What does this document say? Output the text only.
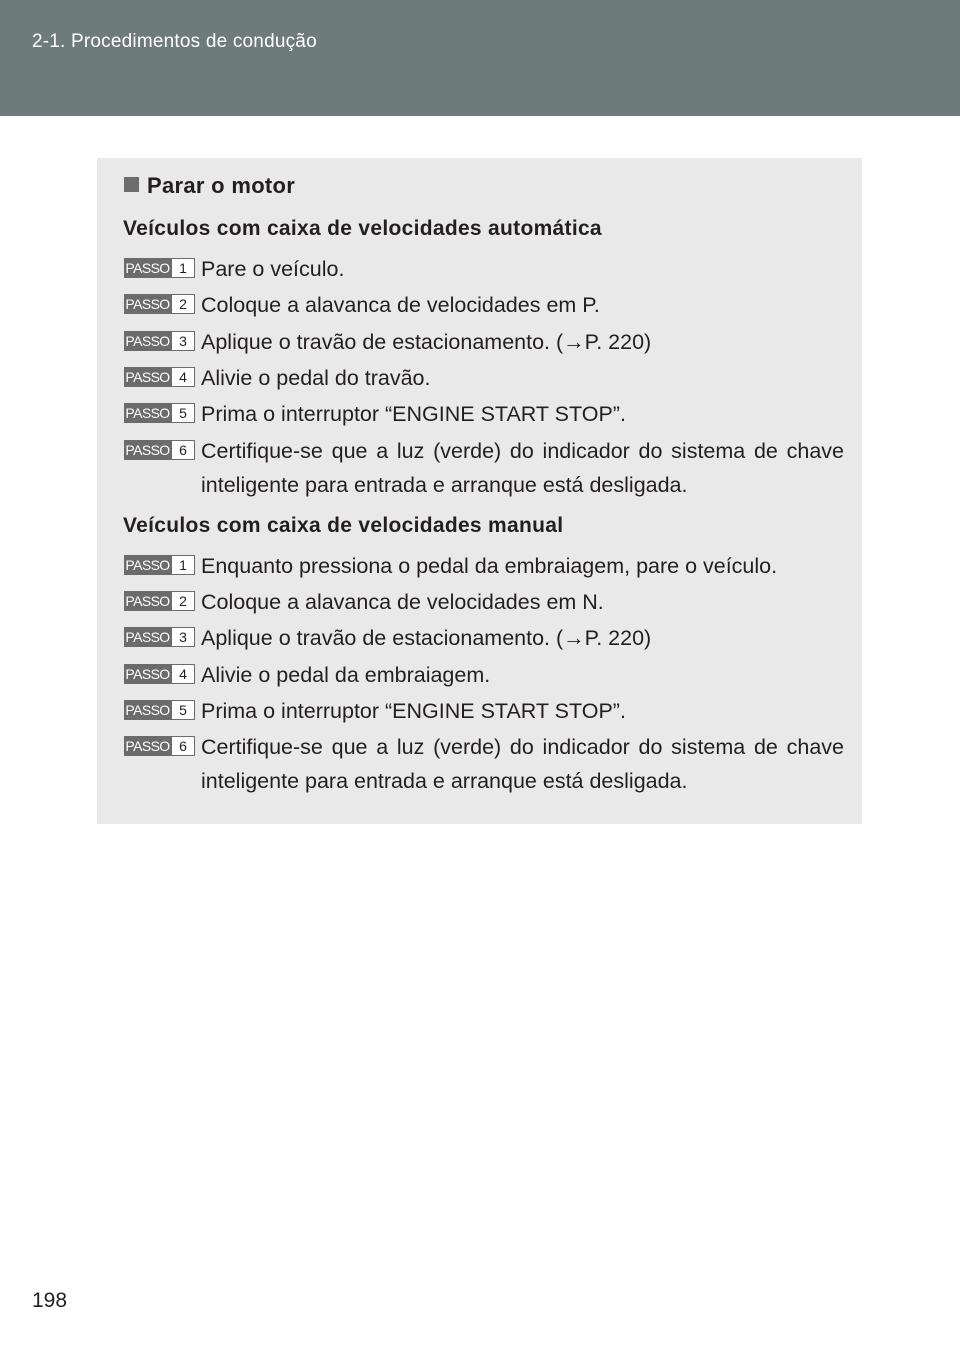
2-1. Procedimentos de condução
Parar o motor
Veículos com caixa de velocidades automática
PASSO 1 Pare o veículo.
PASSO 2 Coloque a alavanca de velocidades em P.
PASSO 3 Aplique o travão de estacionamento. (→P. 220)
PASSO 4 Alivie o pedal do travão.
PASSO 5 Prima o interruptor “ENGINE START STOP”.
PASSO 6 Certifique-se que a luz (verde) do indicador do sistema de chave inteligente para entrada e arranque está desligada.
Veículos com caixa de velocidades manual
PASSO 1 Enquanto pressiona o pedal da embraiagem, pare o veículo.
PASSO 2 Coloque a alavanca de velocidades em N.
PASSO 3 Aplique o travão de estacionamento. (→P. 220)
PASSO 4 Alivie o pedal da embraiagem.
PASSO 5 Prima o interruptor “ENGINE START STOP”.
PASSO 6 Certifique-se que a luz (verde) do indicador do sistema de chave inteligente para entrada e arranque está desligada.
198
